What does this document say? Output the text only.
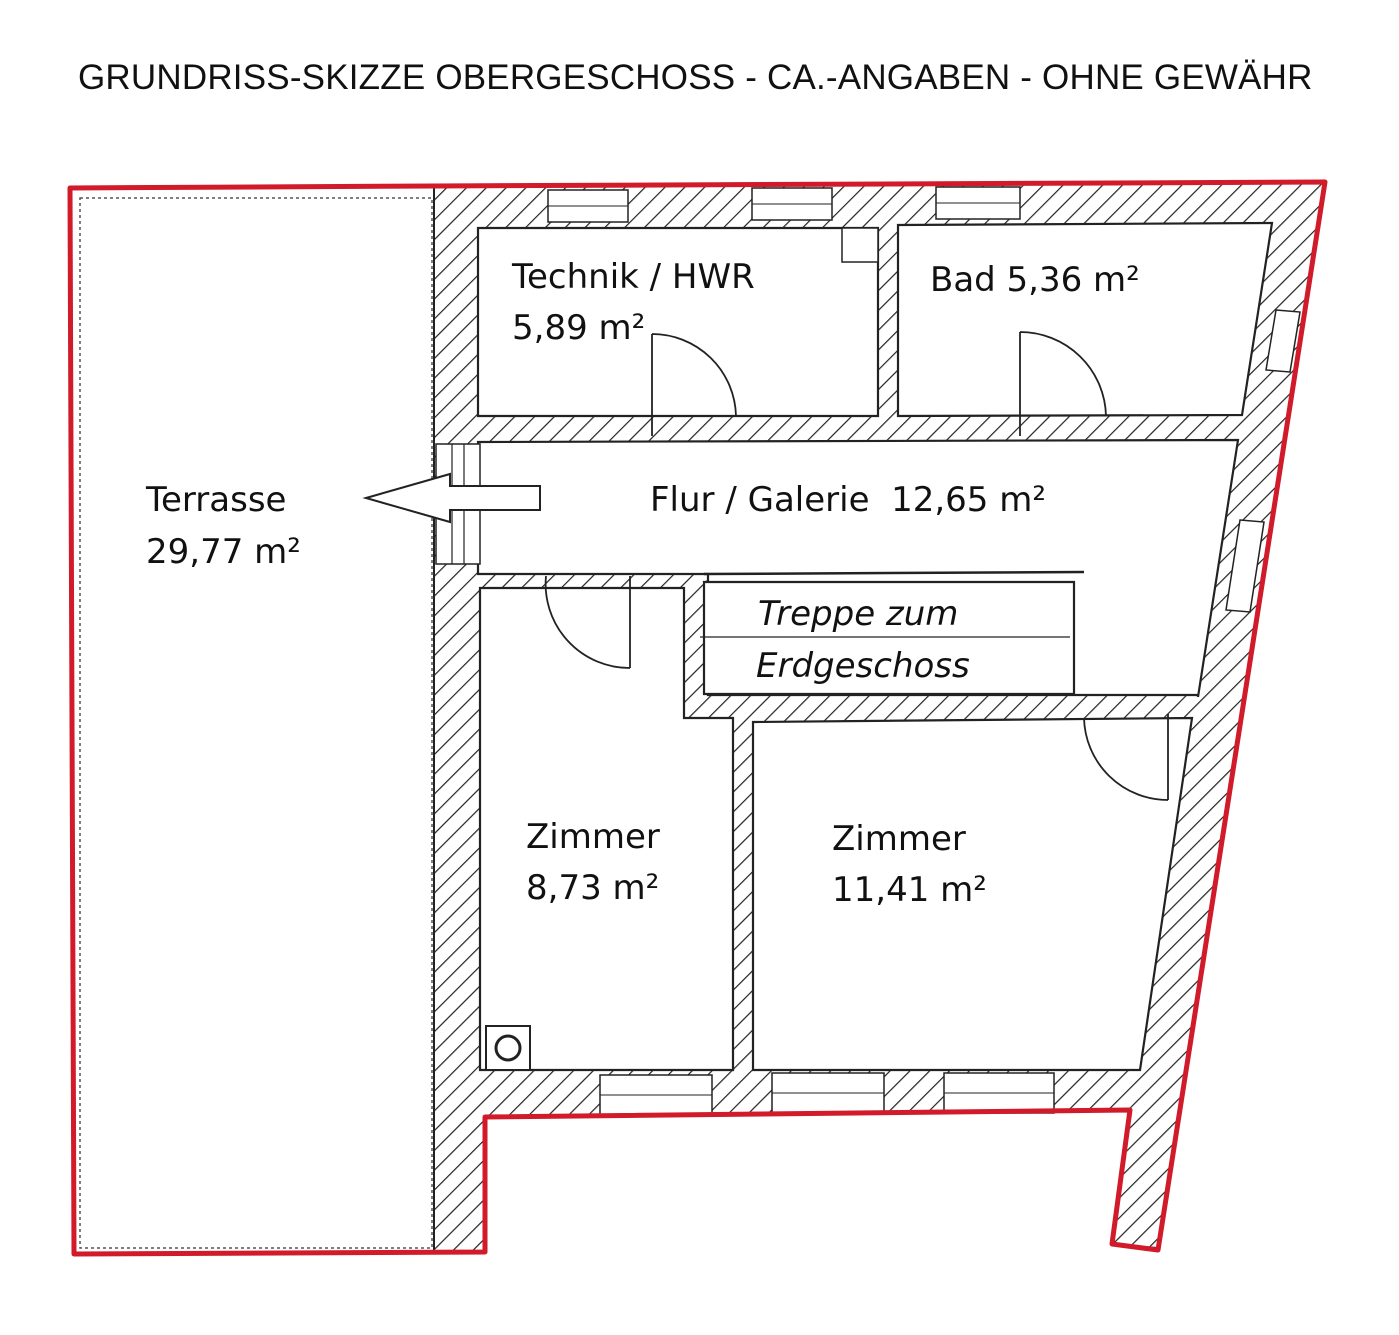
GRUNDRISS-SKIZZE OBERGESCHOSS - CA.-ANGABEN - OHNE GEWÄHR
Technik / HWR
5,89 m²
Bad 5,36 m²
Terrasse
29,77 m²
Flur / Galerie  12,65 m²
Treppe zum
Erdgeschoss
Zimmer
8,73 m²
Zimmer
11,41 m²
